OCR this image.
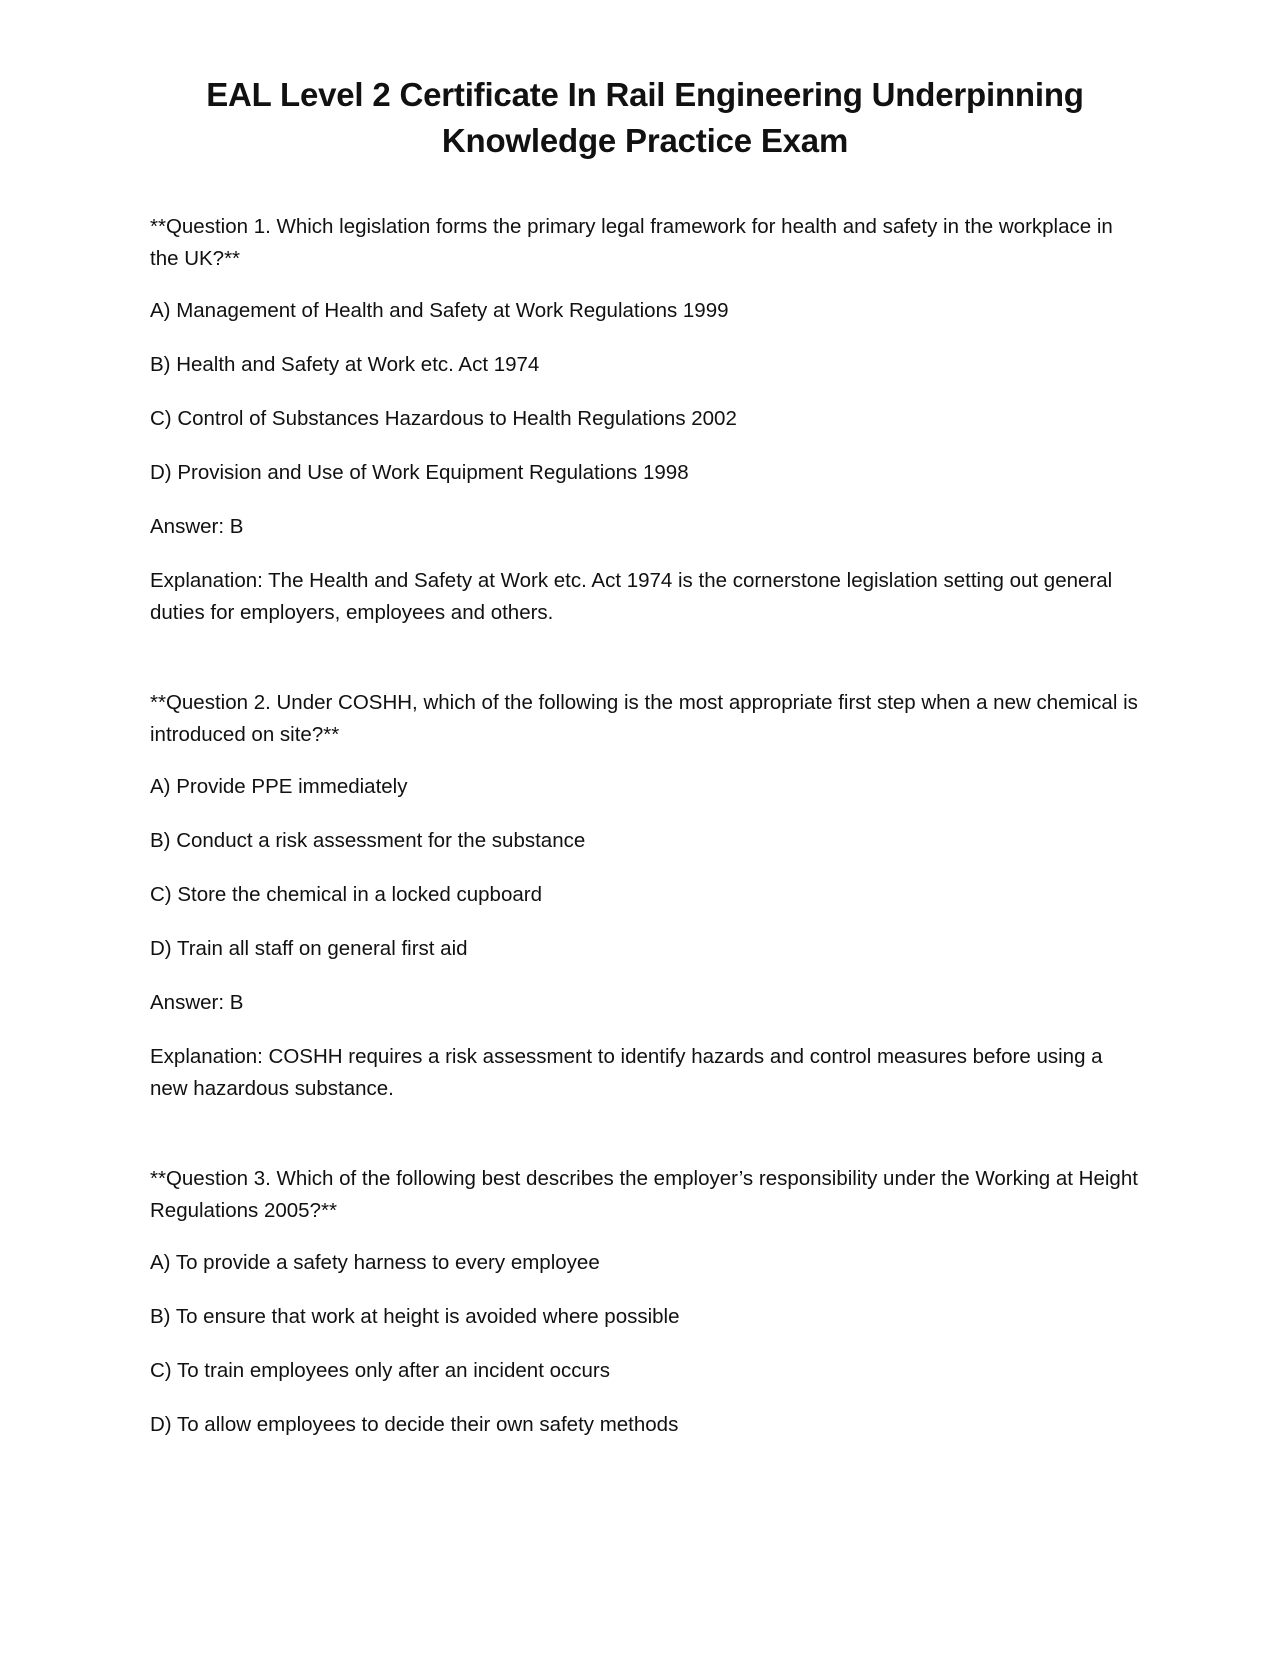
EAL Level 2 Certificate In Rail Engineering Underpinning
Knowledge Practice Exam

**Question 1. Which legislation forms the primary legal framework for health and safety in the workplace in the UK?**

A) Management of Health and Safety at Work Regulations 1999

B) Health and Safety at Work etc. Act 1974

C) Control of Substances Hazardous to Health Regulations 2002

D) Provision and Use of Work Equipment Regulations 1998

Answer: B

Explanation: The Health and Safety at Work etc. Act 1974 is the cornerstone legislation setting out general duties for employers, employees and others.

**Question 2. Under COSHH, which of the following is the most appropriate first step when a new chemical is introduced on site?**

A) Provide PPE immediately

B) Conduct a risk assessment for the substance

C) Store the chemical in a locked cupboard

D) Train all staff on general first aid

Answer: B

Explanation: COSHH requires a risk assessment to identify hazards and control measures before using a new hazardous substance.

**Question 3. Which of the following best describes the employer’s responsibility under the Working at Height Regulations 2005?**

A) To provide a safety harness to every employee

B) To ensure that work at height is avoided where possible

C) To train employees only after an incident occurs

D) To allow employees to decide their own safety methods
